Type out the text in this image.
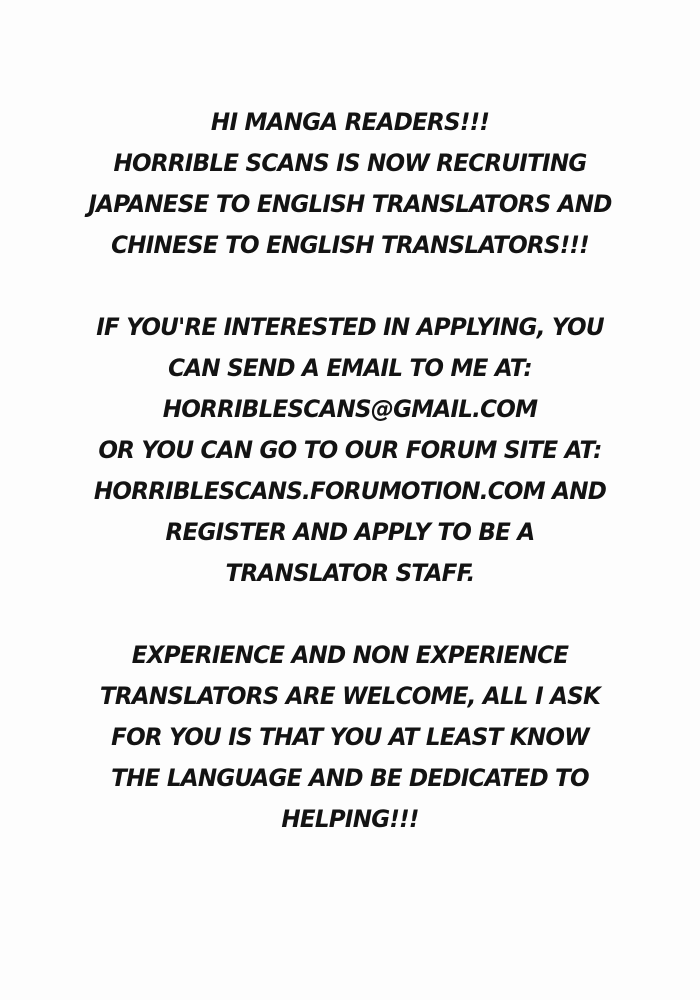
HI MANGA READERS!!!
HORRIBLE SCANS IS NOW RECRUITING
JAPANESE TO ENGLISH TRANSLATORS AND
CHINESE TO ENGLISH TRANSLATORS!!!
IF YOU'RE INTERESTED IN APPLYING, YOU
CAN SEND A EMAIL TO ME AT:
HORRIBLESCANS@GMAIL.COM
OR YOU CAN GO TO OUR FORUM SITE AT:
HORRIBLESCANS.FORUMOTION.COM AND
REGISTER AND APPLY TO BE A
TRANSLATOR STAFF.
EXPERIENCE AND NON EXPERIENCE
TRANSLATORS ARE WELCOME, ALL I ASK
FOR YOU IS THAT YOU AT LEAST KNOW
THE LANGUAGE AND BE DEDICATED TO
HELPING!!!
